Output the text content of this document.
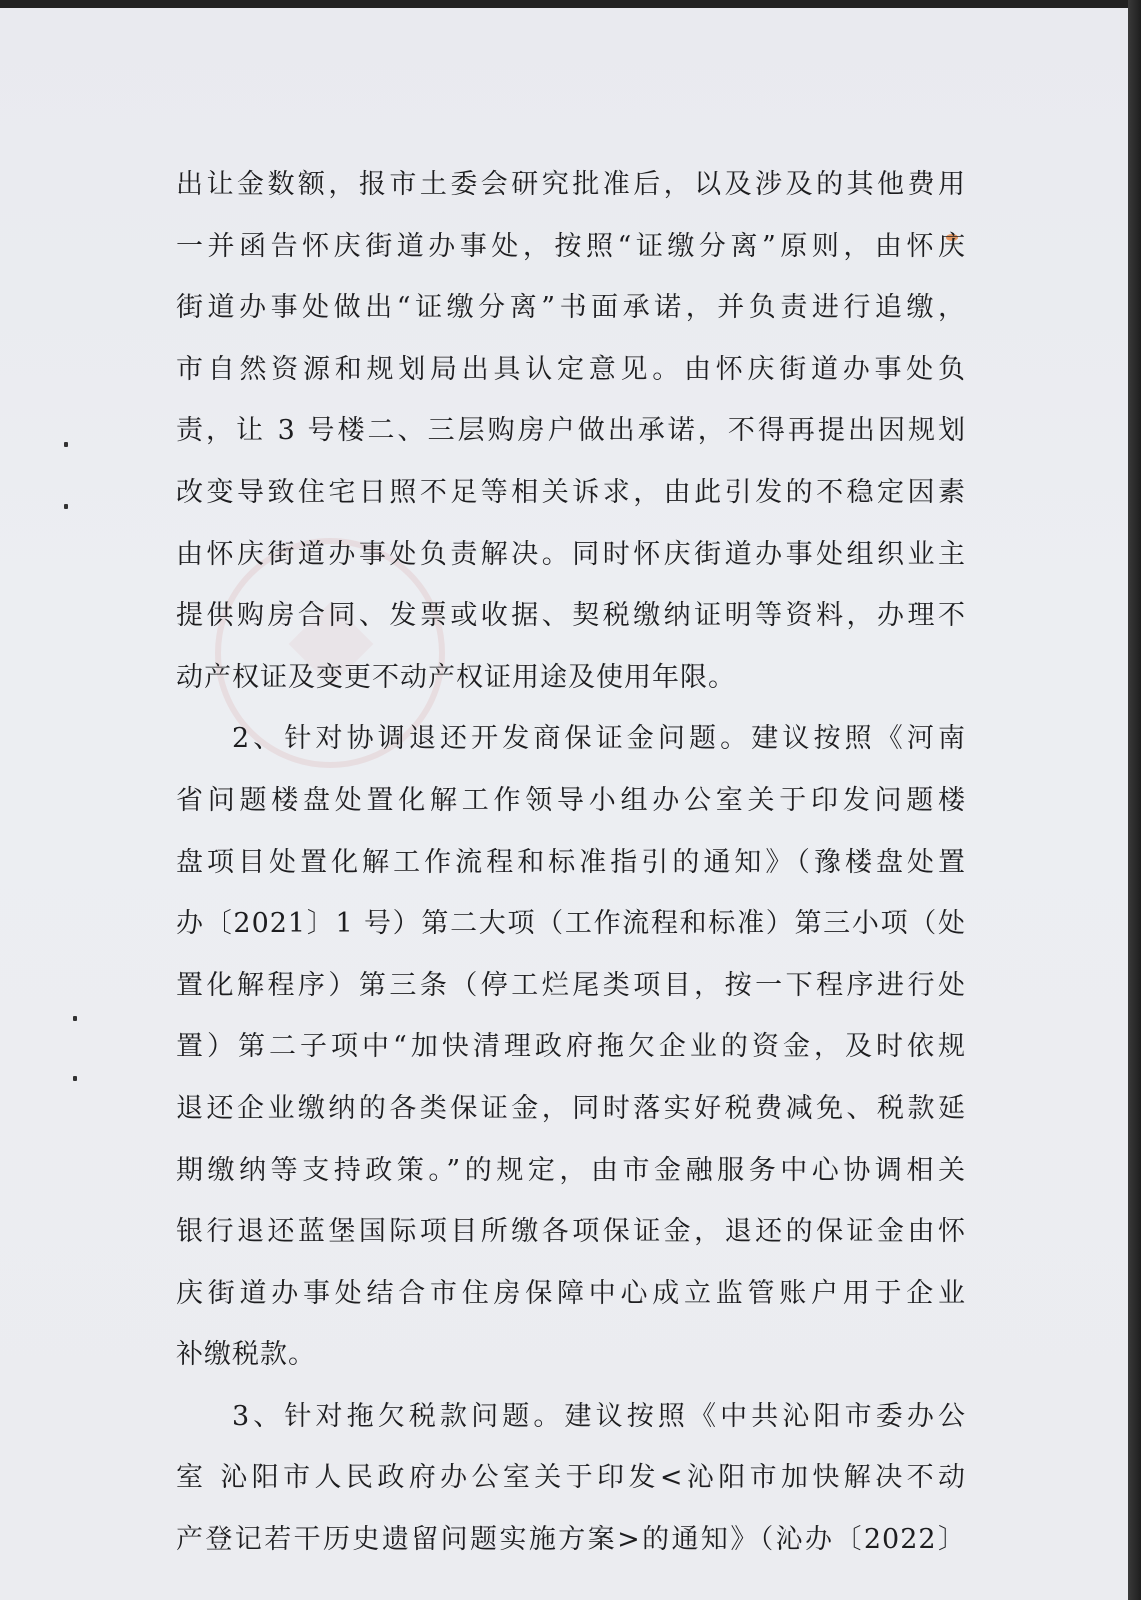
出让金数额，报市土委会研究批准后，以及涉及的其他费用
一并函告怀庆街道办事处，按照“证缴分离”原则，由怀庆
街道办事处做出“证缴分离”书面承诺，并负责进行追缴，
市自然资源和规划局出具认定意见。由怀庆街道办事处负
责，让 3 号楼二、三层购房户做出承诺，不得再提出因规划
改变导致住宅日照不足等相关诉求，由此引发的不稳定因素
由怀庆街道办事处负责解决。同时怀庆街道办事处组织业主
提供购房合同、发票或收据、契税缴纳证明等资料，办理不
动产权证及变更不动产权证用途及使用年限。
2、针对协调退还开发商保证金问题。建议按照《河南
省问题楼盘处置化解工作领导小组办公室关于印发问题楼
盘项目处置化解工作流程和标准指引的通知》（豫楼盘处置
办〔2021〕1 号）第二大项（工作流程和标准）第三小项（处
置化解程序）第三条（停工烂尾类项目，按一下程序进行处
置）第二子项中“加快清理政府拖欠企业的资金，及时依规
退还企业缴纳的各类保证金，同时落实好税费减免、税款延
期缴纳等支持政策。”的规定，由市金融服务中心协调相关
银行退还蓝堡国际项目所缴各项保证金，退还的保证金由怀
庆街道办事处结合市住房保障中心成立监管账户用于企业
补缴税款。
3、针对拖欠税款问题。建议按照《中共沁阳市委办公
室 沁阳市人民政府办公室关于印发<沁阳市加快解决不动
产登记若干历史遗留问题实施方案>的通知》（沁办〔2022〕
